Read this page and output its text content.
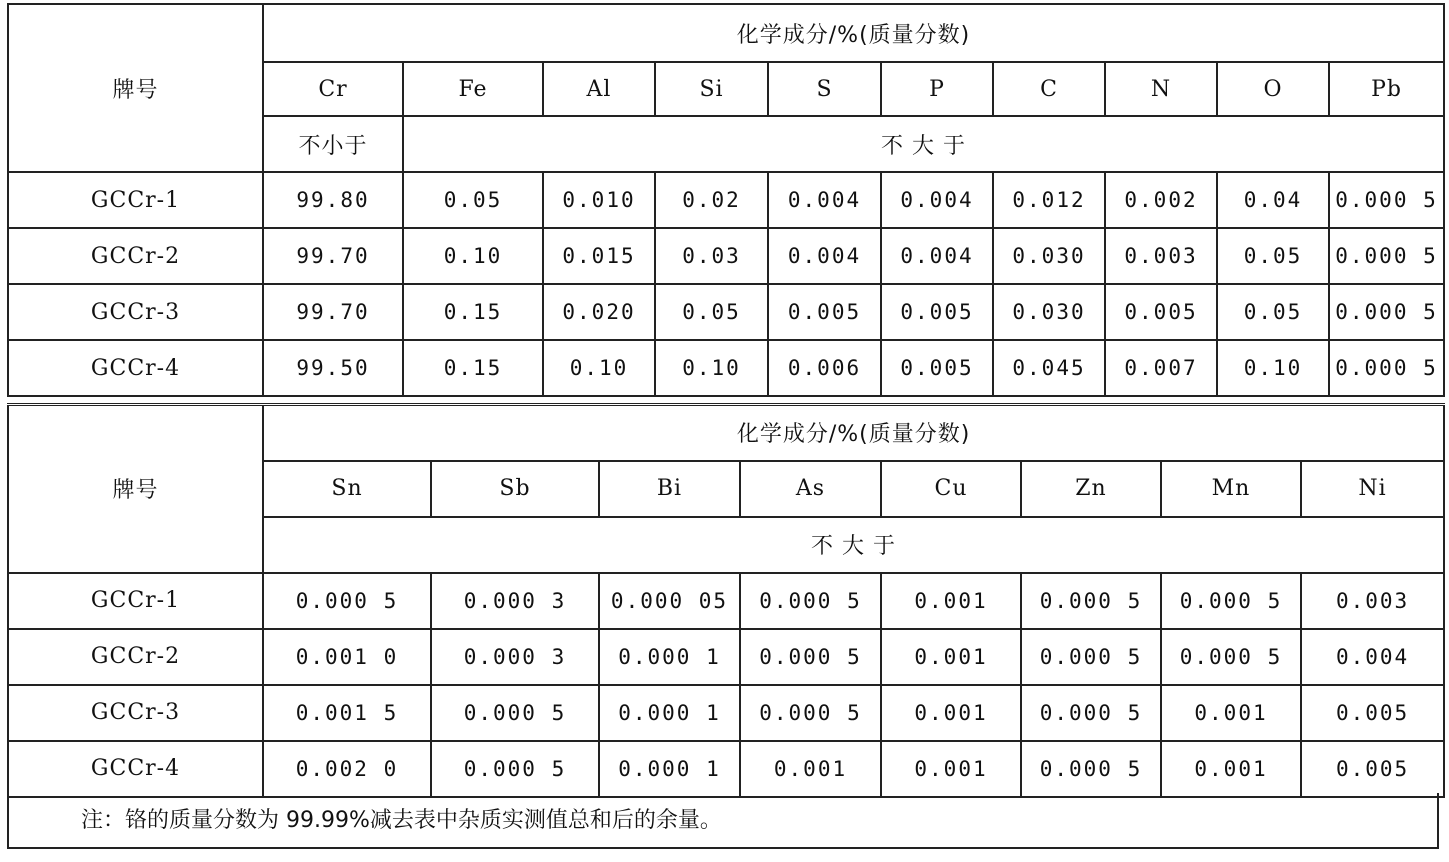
牌号	化学成分/%(质量分数)									
	Cr	Fe	Al	Si	S	P	C	N	O	Pb
	不小于	不 大 于								
GCCr-1	99.80	0.05	0.010	0.02	0.004	0.004	0.012	0.002	0.04	0.000 5
GCCr-2	99.70	0.10	0.015	0.03	0.004	0.004	0.030	0.003	0.05	0.000 5
GCCr-3	99.70	0.15	0.020	0.05	0.005	0.005	0.030	0.005	0.05	0.000 5
GCCr-4	99.50	0.15	0.10	0.10	0.006	0.005	0.045	0.007	0.10	0.000 5
牌号	化学成分/%(质量分数)							
	Sn	Sb	Bi	As	Cu	Zn	Mn	Ni
	不 大 于							
GCCr-1	0.000 5	0.000 3	0.000 05	0.000 5	0.001	0.000 5	0.000 5	0.003
GCCr-2	0.001 0	0.000 3	0.000 1	0.000 5	0.001	0.000 5	0.000 5	0.004
GCCr-3	0.001 5	0.000 5	0.000 1	0.000 5	0.001	0.000 5	0.001	0.005
GCCr-4	0.002 0	0.000 5	0.000 1	0.001	0.001	0.000 5	0.001	0.005
注：铬的质量分数为 99.99%减去表中杂质实测值总和后的余量。
